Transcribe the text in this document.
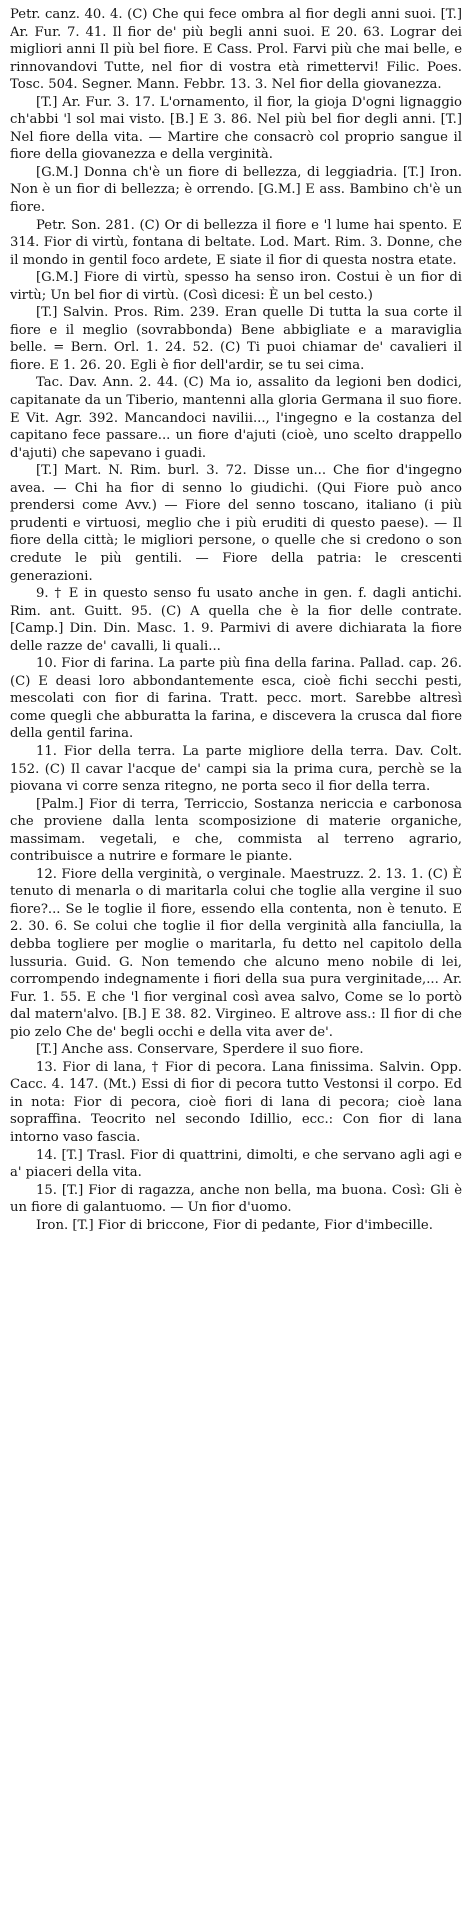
Petr. canz. 40. 4. (C) Che qui fece ombra al fior degli anni suoi. [T.] Ar. Fur. 7. 41. Il fior de' più begli anni suoi. E 20. 63. Lograr dei migliori anni Il più bel fiore. E Cass. Prol. Farvi più che mai belle, e rinnovandovi Tutte, nel fior di vostra età rimettervi! Filic. Poes. Tosc. 504. Segner. Mann. Febbr. 13. 3. Nel fior della giovanezza.

[T.] Ar. Fur. 3. 17. L'ornamento, il fior, la gioja D'ogni lignaggio ch'abbi 'l sol mai visto. [B.] E 3. 86. Nel più bel fior degli anni. [T.] Nel fiore della vita. — Martire che consacrò col proprio sangue il fiore della giovanezza e della verginità.

[G.M.] Donna ch'è un fiore di bellezza, di leggiadria. [T.] Iron. Non è un fior di bellezza; è orrendo. [G.M.] E ass. Bambino ch'è un fiore.

Petr. Son. 281. (C) Or di bellezza il fiore e 'l lume hai spento. E 314. Fior di virtù, fontana di beltate. Lod. Mart. Rim. 3. Donne, che il mondo in gentil foco ardete, E siate il fior di questa nostra etate.

[G.M.] Fiore di virtù, spesso ha senso iron. Costui è un fior di virtù; Un bel fior di virtù. (Così dicesi: È un bel cesto.)

[T.] Salvin. Pros. Rim. 239. Eran quelle Di tutta la sua corte il fiore e il meglio (sovrabbonda) Bene abbigliate e a maraviglia belle. = Bern. Orl. 1. 24. 52. (C) Ti puoi chiamar de' cavalieri il fiore. E 1. 26. 20. Egli è fior dell'ardir, se tu sei cima.

Tac. Dav. Ann. 2. 44. (C) Ma io, assalito da legioni ben dodici, capitanate da un Tiberio, mantenni alla gloria Germana il suo fiore. E Vit. Agr. 392. Mancandoci navilii..., l'ingegno e la costanza del capitano fece passare... un fiore d'ajuti (cioè, uno scelto drappello d'ajuti) che sapevano i guadi.

[T.] Mart. N. Rim. burl. 3. 72. Disse un... Che fior d'ingegno avea. — Chi ha fior di senno lo giudichi. (Qui Fiore può anco prendersi come Avv.) — Fiore del senno toscano, italiano (i più prudenti e virtuosi, meglio che i più eruditi di questo paese). — Il fiore della città; le migliori persone, o quelle che si credono o son credute le più gentili. — Fiore della patria: le crescenti generazioni.

9. † E in questo senso fu usato anche in gen. f. dagli antichi. Rim. ant. Guitt. 95. (C) A quella che è la fior delle contrate. [Camp.] Din. Din. Masc. 1. 9. Parmivi di avere dichiarata la fiore delle razze de' cavalli, li quali...

10. Fior di farina. La parte più fina della farina. Pallad. cap. 26. (C) E deasi loro abbondantemente esca, cioè fichi secchi pesti, mescolati con fior di farina. Tratt. pecc. mort. Sarebbe altresì come quegli che abburatta la farina, e discevera la crusca dal fiore della gentil farina.

11. Fior della terra. La parte migliore della terra. Dav. Colt. 152. (C) Il cavar l'acque de' campi sia la prima cura, perchè se la piovana vi corre senza ritegno, ne porta seco il fior della terra.

[Palm.] Fior di terra, Terriccio, Sostanza nericcia e carbonosa che proviene dalla lenta scomposizione di materie organiche, massimam. vegetali, e che, commista al terreno agrario, contribuisce a nutrire e formare le piante.

12. Fiore della verginità, o verginale. Maestruzz. 2. 13. 1. (C) È tenuto di menarla o di maritarla colui che toglie alla vergine il suo fiore?... Se le toglie il fiore, essendo ella contenta, non è tenuto. E 2. 30. 6. Se colui che toglie il fior della verginità alla fanciulla, la debba togliere per moglie o maritarla, fu detto nel capitolo della lussuria. Guid. G. Non temendo che alcuno meno nobile di lei, corrompendo indegnamente i fiori della sua pura verginitade,... Ar. Fur. 1. 55. E che 'l fior verginal così avea salvo, Come se lo portò dal matern'alvo. [B.] E 38. 82. Virgineo. E altrove ass.: Il fior di che pio zelo Che de' begli occhi e della vita aver de'.

[T.] Anche ass. Conservare, Sperdere il suo fiore.

13. Fior di lana, † Fior di pecora. Lana finissima. Salvin. Opp. Cacc. 4. 147. (Mt.) Essi di fior di pecora tutto Vestonsi il corpo. Ed in nota: Fior di pecora, cioè fiori di lana di pecora; cioè lana sopraffina. Teocrito nel secondo Idillio, ecc.: Con fior di lana intorno vaso fascia.

14. [T.] Trasl. Fior di quattrini, dimolti, e che servano agli agi e a' piaceri della vita.

15. [T.] Fior di ragazza, anche non bella, ma buona. Così: Gli è un fiore di galantuomo. — Un fior d'uomo.

Iron. [T.] Fior di briccone, Fior di pedante, Fior d'imbecille.
